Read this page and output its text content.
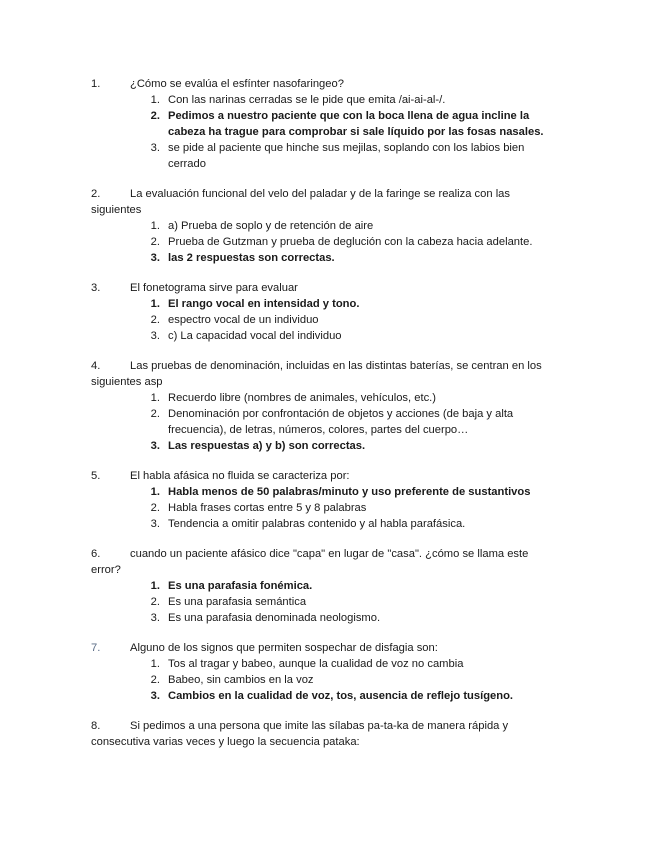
1.	¿Cómo se evalúa el esfínter nasofaringeo?
1. Con las narinas cerradas se le pide que emita /ai-ai-al-/.
2. Pedimos a nuestro paciente que con la boca llena de agua incline la cabeza ha trague para comprobar si sale líquido por las fosas nasales.
3. se pide al paciente que hinche sus mejilas, soplando con los labios bien cerrado
2.	La evaluación funcional del velo del paladar y de la faringe se realiza con las
siguientes
1. a) Prueba de soplo y de retención de aire
2. Prueba de Gutzman y prueba de deglución con la cabeza hacia adelante.
3. las 2 respuestas son correctas.
3.	El fonetograma sirve para evaluar
1. El rango vocal en intensidad y tono.
2. espectro vocal de un individuo
3. c) La capacidad vocal del individuo
4.	Las pruebas de denominación, incluidas en las distintas baterías, se centran en los
siguientes asp
1. Recuerdo libre (nombres de animales, vehículos, etc.)
2. Denominación por confrontación de objetos y acciones (de baja y alta frecuencia), de letras, números, colores, partes del cuerpo…
3. Las respuestas a) y b) son correctas.
5.	El habla afásica no fluida se caracteriza por:
1. Habla menos de 50 palabras/minuto y uso preferente de sustantivos
2. Habla frases cortas entre 5 y 8 palabras
3. Tendencia a omitir palabras contenido y al habla parafásica.
6.	cuando un paciente afásico dice "capa" en lugar de "casa". ¿cómo se llama este
error?
1. Es una parafasia fonémica.
2. Es una parafasia semántica
3. Es una parafasia denominada neologismo.
7.	Alguno de los signos que permiten sospechar de disfagia son:
1. Tos al tragar y babeo, aunque la cualidad de voz no cambia
2. Babeo, sin cambios en la voz
3. Cambios en la cualidad de voz, tos, ausencia de reflejo tusígeno.
8.	Si pedimos a una persona que imite las sílabas pa-ta-ka de manera rápida y
consecutiva varias veces y luego la secuencia pataka:
